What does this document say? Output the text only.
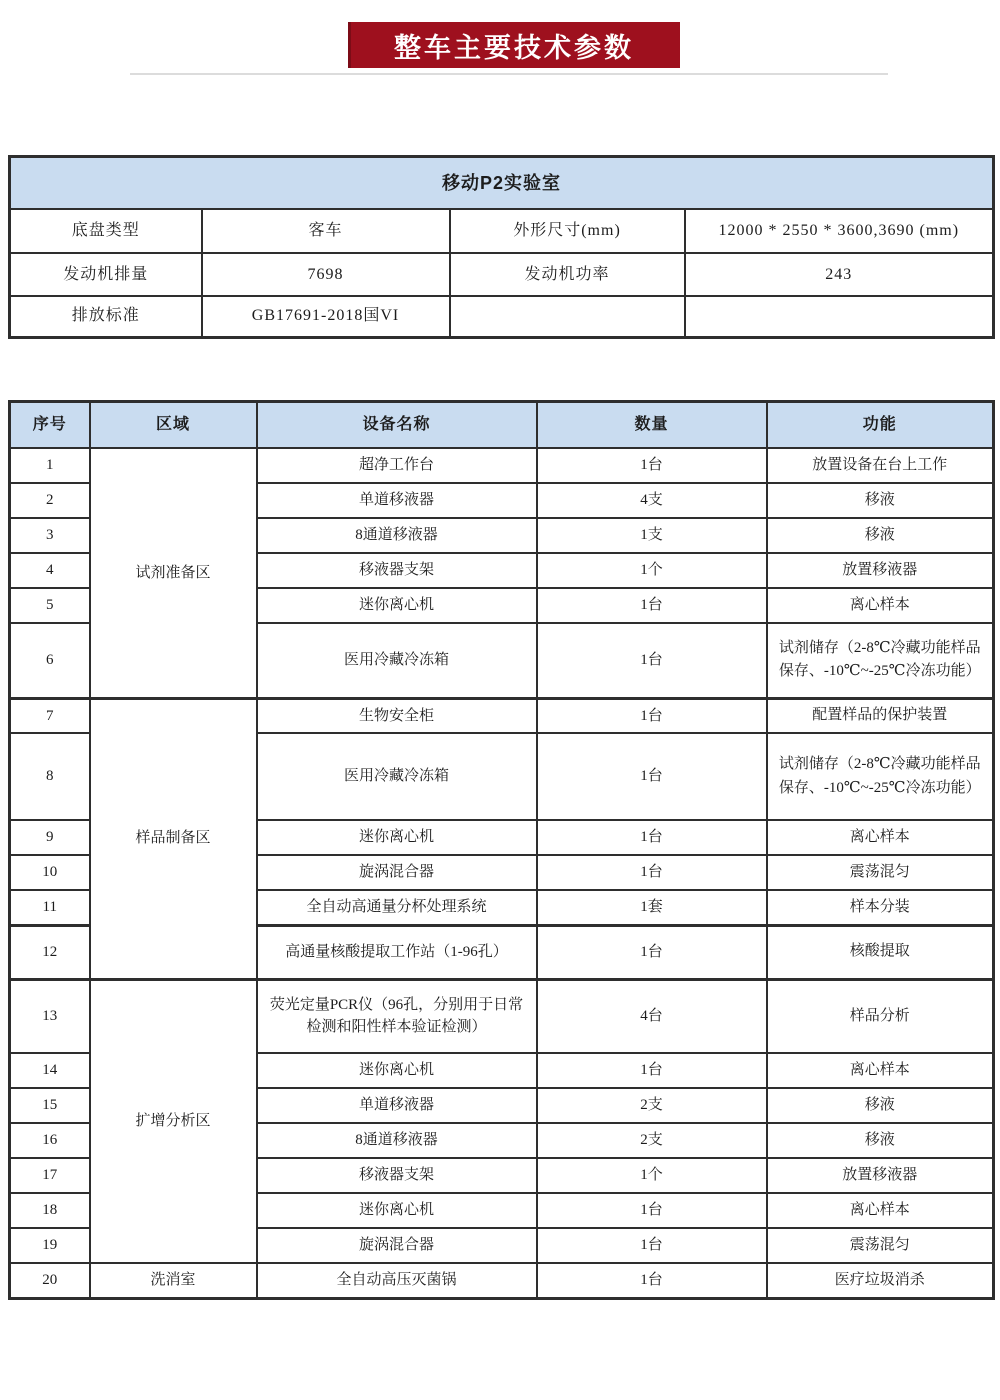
整车主要技术参数
移动P2实验室			
底盘类型	客车	外形尺寸(mm)	12000 * 2550 * 3600,3690 (mm)
发动机排量	7698	发动机功率	243
排放标准	GB17691-2018国VI		
序号	区域	设备名称	数量	功能
1	试剂准备区	超净工作台	1台	放置设备在台上工作
2		单道移液器	4支	移液
3		8通道移液器	1支	移液
4		移液器支架	1个	放置移液器
5		迷你离心机	1台	离心样本
6		医用冷藏冷冻箱	1台	试剂储存（2-8℃冷藏功能样品保存、-10℃~-25℃冷冻功能）
7	样品制备区	生物安全柜	1台	配置样品的保护装置
8		医用冷藏冷冻箱	1台	试剂储存（2-8℃冷藏功能样品保存、-10℃~-25℃冷冻功能）
9		迷你离心机	1台	离心样本
10		旋涡混合器	1台	震荡混匀
11		全自动高通量分杯处理系统	1套	样本分装
12		高通量核酸提取工作站（1-96孔）	1台	核酸提取
13	扩增分析区	荧光定量PCR仪（96孔，分别用于日常检测和阳性样本验证检测）	4台	样品分析
14		迷你离心机	1台	离心样本
15		单道移液器	2支	移液
16		8通道移液器	2支	移液
17		移液器支架	1个	放置移液器
18		迷你离心机	1台	离心样本
19		旋涡混合器	1台	震荡混匀
20	洗消室	全自动高压灭菌锅	1台	医疗垃圾消杀
